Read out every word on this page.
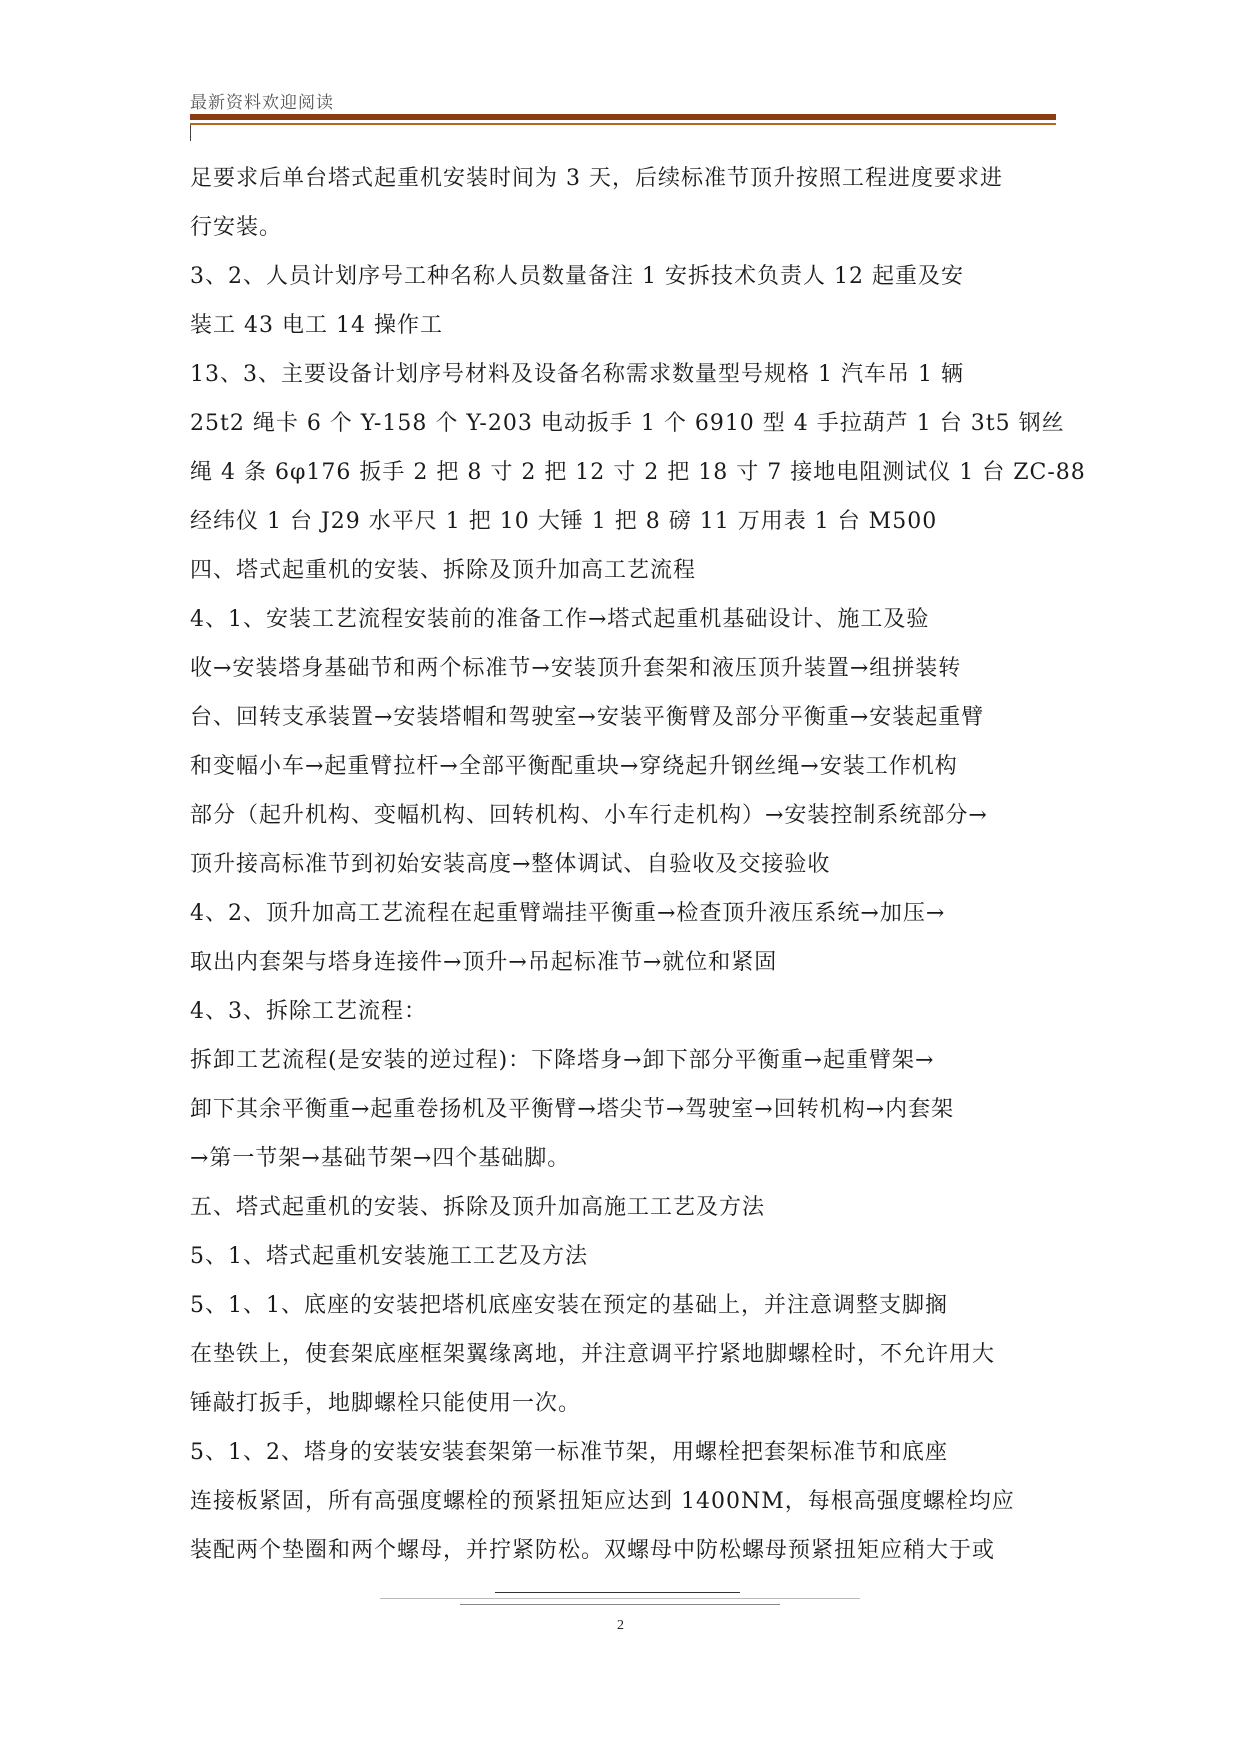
最新资料欢迎阅读
足要求后单台塔式起重机安装时间为 3 天，后续标准节顶升按照工程进度要求进
行安装。
3、2、人员计划序号工种名称人员数量备注 1 安拆技术负责人 12 起重及安
装工 43 电工 14 操作工
13、3、主要设备计划序号材料及设备名称需求数量型号规格 1 汽车吊 1 辆
25t2 绳卡 6 个 Y-158 个 Y-203 电动扳手 1 个 6910 型 4 手拉葫芦 1 台 3t5 钢丝
绳 4 条 6φ176 扳手 2 把 8 寸 2 把 12 寸 2 把 18 寸 7 接地电阻测试仪 1 台 ZC-88
经纬仪 1 台 J29 水平尺 1 把 10 大锤 1 把 8 磅 11 万用表 1 台 M500
四、塔式起重机的安装、拆除及顶升加高工艺流程
4、1、安装工艺流程安装前的准备工作→塔式起重机基础设计、施工及验
收→安装塔身基础节和两个标准节→安装顶升套架和液压顶升装置→组拼装转
台、回转支承装置→安装塔帽和驾驶室→安装平衡臂及部分平衡重→安装起重臂
和变幅小车→起重臂拉杆→全部平衡配重块→穿绕起升钢丝绳→安装工作机构
部分（起升机构、变幅机构、回转机构、小车行走机构）→安装控制系统部分→
顶升接高标准节到初始安装高度→整体调试、自验收及交接验收
4、2、顶升加高工艺流程在起重臂端挂平衡重→检查顶升液压系统→加压→
取出内套架与塔身连接件→顶升→吊起标准节→就位和紧固
4、3、拆除工艺流程：
拆卸工艺流程(是安装的逆过程)：下降塔身→卸下部分平衡重→起重臂架→
卸下其余平衡重→起重卷扬机及平衡臂→塔尖节→驾驶室→回转机构→内套架
→第一节架→基础节架→四个基础脚。
五、塔式起重机的安装、拆除及顶升加高施工工艺及方法
5、1、塔式起重机安装施工工艺及方法
5、1、1、底座的安装把塔机底座安装在预定的基础上，并注意调整支脚搁
在垫铁上，使套架底座框架翼缘离地，并注意调平拧紧地脚螺栓时，不允许用大
锤敲打扳手，地脚螺栓只能使用一次。
5、1、2、塔身的安装安装套架第一标准节架，用螺栓把套架标准节和底座
连接板紧固，所有高强度螺栓的预紧扭矩应达到 1400NM，每根高强度螺栓均应
装配两个垫圈和两个螺母，并拧紧防松。双螺母中防松螺母预紧扭矩应稍大于或
2
